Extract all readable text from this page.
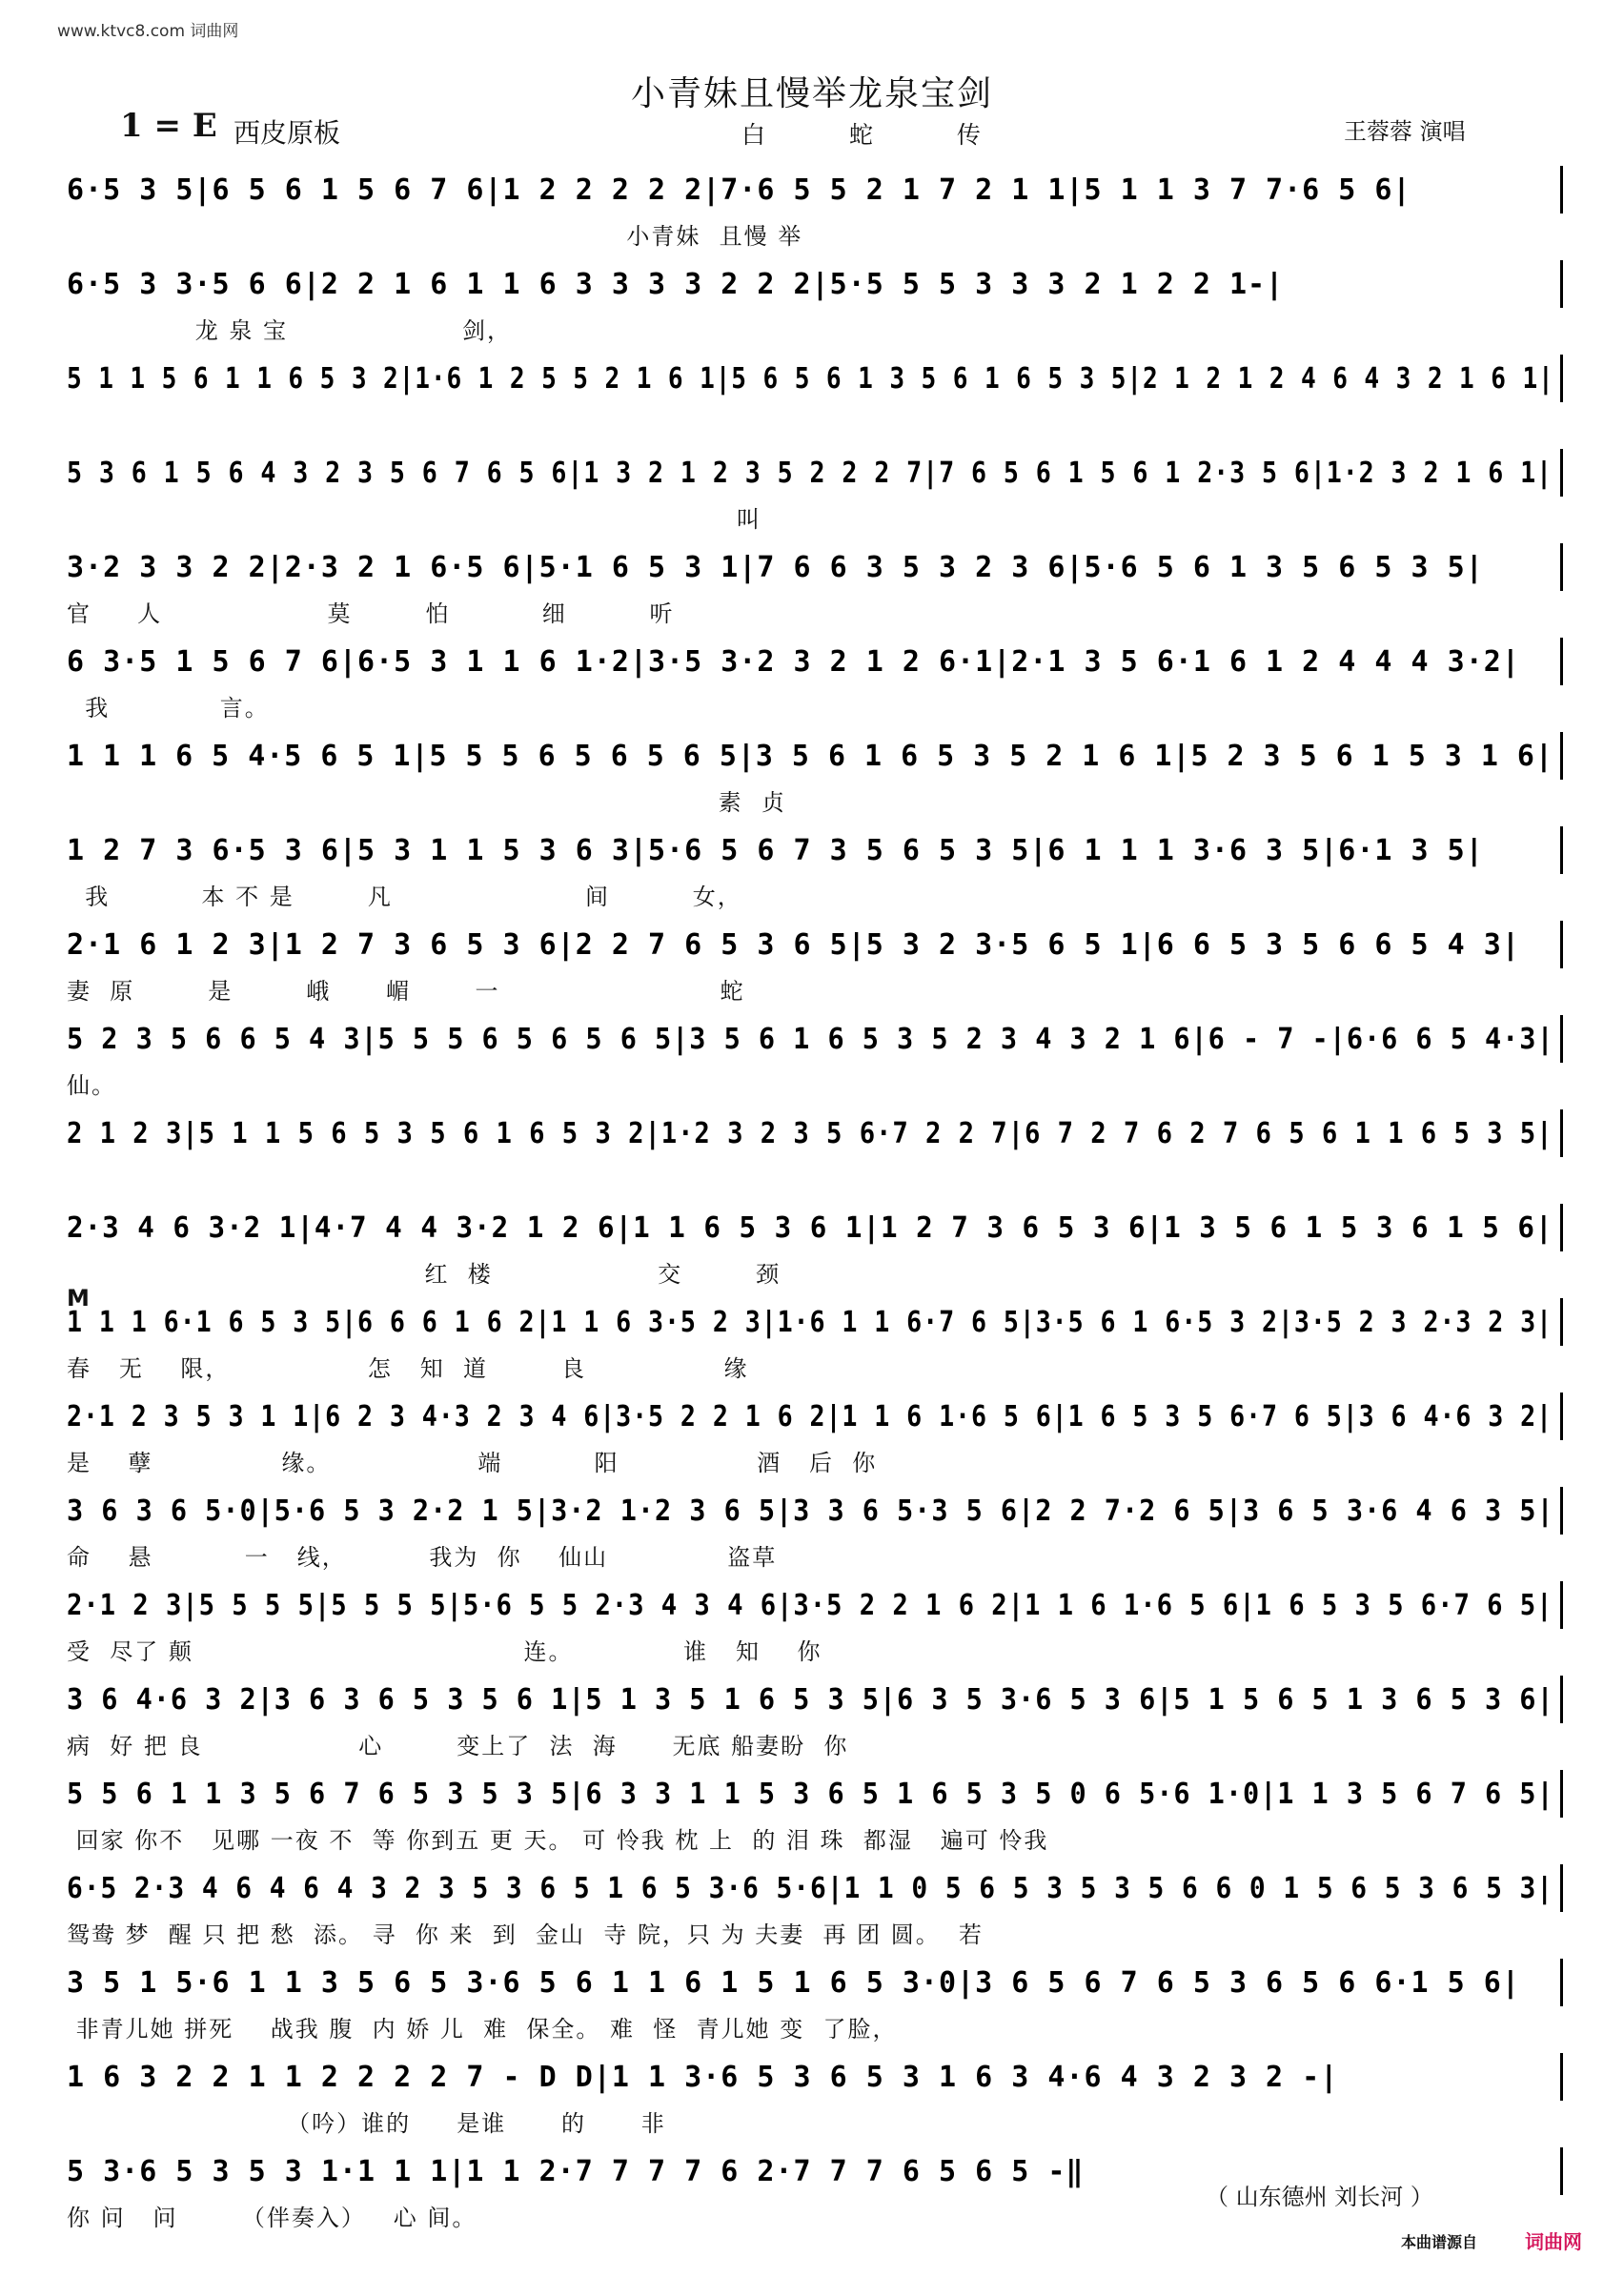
www.ktvc8.com 词曲网
小青妹且慢举龙泉宝剑
1 = E 西皮原板	白 蛇 传	王蓉蓉 演唱
6·5 3 5|6 5 6 1 5 6 7 6|1 2 2 2 2 2|7·6 5 5 2 1 7 2 1 1|5 1 1 3 7 7·6 5 6|
小青妹  且慢 举
6·5 3 3·5 6 6|2 2 1 6 1 1 6 3 3 3 3 2 2 2|5·5 5 5 3 3 3 2 1 2 2 1-|
龙 泉 宝                   剑，
5 1 1 5 6 1 1 6 5 3 2|1·6 1 2 5 5 2 1 6 1|5 6 5 6 1 3 5 6 1 6 5 3 5|2 1 2 1 2 4 6 4 3 2 1 6 1|
5 3 6 1 5 6 4 3 2 3 5 6 7 6 5 6|1 3 2 1 2 3 5 2 2 2 7|7 6 5 6 1 5 6 1 2·3 5 6|1·2 3 2 1 6 1|
叫
3·2 3 3 2 2|2·3 2 1 6·5 6|5·1 6 5 3 1|7 6 6 3 5 3 2 3 6|5·6 5 6 1 3 5 6 5 3 5|
官     人                  莫        怕          细         听
6 3·5 1 5 6 7 6|6·5 3 1 1 6 1·2|3·5 3·2 3 2 1 2 6·1|2·1 3 5 6·1 6 1 2 4 4 4 3·2|
我            言。
1 1 1 6 5 4·5 6 5 1|5 5 5 6 5 6 5 6 5|3 5 6 1 6 5 3 5 2 1 6 1|5 2 3 5 6 1 5 3 1 6|
素  贞
1 2 7 3 6·5 3 6|5 3 1 1 5 3 6 3|5·6 5 6 7 3 5 6 5 3 5|6 1 1 1 3·6 3 5|6·1 3 5|
我          本 不 是        凡                     间         女，
2·1 6 1 2 3|1 2 7 3 6 5 3 6|2 2 7 6 5 3 6 5|5 3 2 3·5 6 5 1|6 6 5 3 5 6 6 5 4 3|
妻  原        是        峨      嵋       一                        蛇
5 2 3 5 6 6 5 4 3|5 5 5 6 5 6 5 6 5|3 5 6 1 6 5 3 5 2 3 4 3 2 1 6|6 - 7 -|6·6 6 5 4·3|
仙。
2 1 2 3|5 1 1 5 6 5 3 5 6 1 6 5 3 2|1·2 3 2 3 5 6·7 2 2 7|6 7 2 7 6 2 7 6 5 6 1 1 6 5 3 5|
2·3 4 6 3·2 1|4·7 4 4 3·2 1 2 6|1 1 6 5 3 6 1|1 2 7 3 6 5 3 6|1 3 5 6 1 5 3 6 1 5 6|
红  楼                  交        颈
M
1 1 1 6·1 6 5 3 5|6 6 6 1 6 2|1 1 6 3·5 2 3|1·6 1 1 6·7 6 5|3·5 6 1 6·5 3 2|3·5 2 3 2·3 2 3|
春   无    限，               怎   知  道        良               缘
2·1 2 3 5 3 1 1|6 2 3 4·3 2 3 4 6|3·5 2 2 1 6 2|1 1 6 1·6 5 6|1 6 5 3 5 6·7 6 5|3 6 4·6 3 2|
是    孽              缘。                端          阳               酒   后  你
3 6 3 6 5·0|5·6 5 3 2·2 1 5|3·2 1·2 3 6 5|3 3 6 5·3 5 6|2 2 7·2 6 5|3 6 5 3·6 4 6 3 5|
命    悬          一   线，         我为  你    仙山             盗草
2·1 2 3|5 5 5 5|5 5 5 5|5·6 5 5 2·3 4 3 4 6|3·5 2 2 1 6 2|1 1 6 1·6 5 6|1 6 5 3 5 6·7 6 5|
受  尽了 颠                                    连。            谁   知    你
3 6 4·6 3 2|3 6 3 6 5 3 5 6 1|5 1 3 5 1 6 5 3 5|6 3 5 3·6 5 3 6|5 1 5 6 5 1 3 6 5 3 6|
病  好 把 良                 心        变上了  法  海      无底 船妻盼  你
5 5 6 1 1 3 5 6 7 6 5 3 5 3 5|6 3 3 1 1 5 3 6 5 1 6 5 3 5 0 6 5·6 1·0|1 1 3 5 6 7 6 5|
回家 你不   见哪 一夜 不  等 你到五 更 天。 可 怜我 枕 上  的 泪 珠  都湿   遍可 怜我
6·5 2·3 4 6 4 6 4 3 2 3 5 3 6 5 1 6 5 3·6 5·6|1 1 0 5 6 5 3 5 3 5 6 6 0 1 5 6 5 3 6 5 3|
鸳鸯 梦  醒 只 把 愁  添。 寻  你 来  到  金山  寺 院，只 为 夫妻  再 团 圆。  若
3 5 1 5·6 1 1 3 5 6 5 3·6 5 6 1 1 6 1 5 1 6 5 3·0|3 6 5 6 7 6 5 3 6 5 6 6·1 5 6|
非青儿她 拼死    战我 腹  内 娇 儿  难  保全。 难  怪  青儿她 变  了脸，
1 6 3 2 2 1 1 2 2 2 2 7 - D D|1 1 3·6 5 3 6 5 3 1 6 3 4·6 4 3 2 3 2 -|
（吟）谁的     是谁      的      非
5 3·6 5 3 5 3 1·1 1 1|1 1 2·7 7 7 7 6 2·7 7 7 6 5 6 5 -‖
你 问   问       （伴奏入）   心 间。
（ 山东德州 刘长河 ）
本曲谱源自 词曲网
